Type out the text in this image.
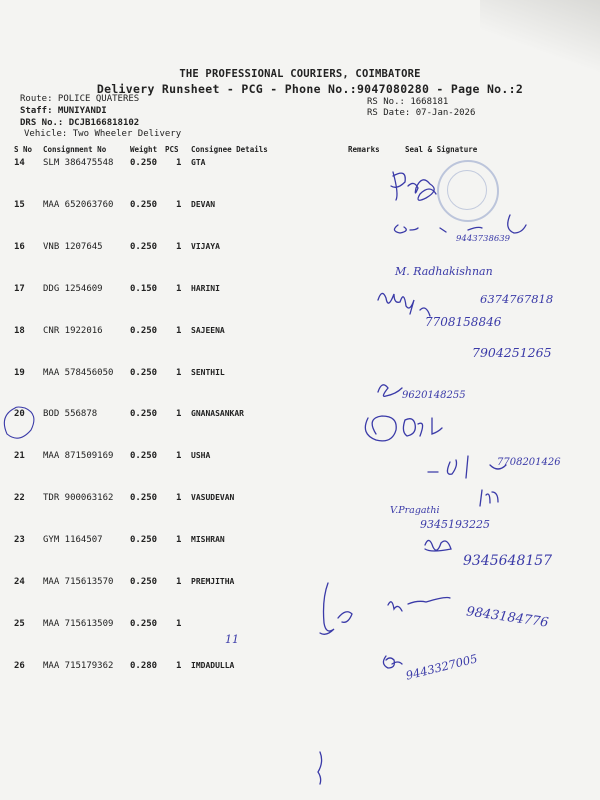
THE PROFESSIONAL COURIERS, COIMBATORE
Delivery Runsheet - PCG - Phone No.:9047080280 - Page No.:2
Route: POLICE QUATERES
Staff: MUNIYANDI
DRS No.: DCJB166818102
Vehicle: Two Wheeler Delivery
RS No.: 1668181
RS Date: 07-Jan-2026
S No Consignment No	Weight PCS Consignee Details	Remarks	Seal & Signature
14 SLM 386475548 0.250 1 GTA
15 MAA 652063760 0.250 1 DEVAN
16 VNB 1207645	0.250 1 VIJAYA
17 DDG 1254609	0.150 1 HARINI
18 CNR 1922016	0.250 1 SAJEENA
19 MAA 578456050 0.250 1 SENTHIL
20 BOD 556878	0.250 1 GNANASANKAR
21 MAA 871509169 0.250 1 USHA
22 TDR 900063162 0.250 1 VASUDEVAN
23 GYM 1164507	0.250 1 MISHRAN
24 MAA 715613570 0.250 1 PREMJITHA
25 MAA 715613509 0.250 1
26 MAA 715179362 0.280 1 IMDADULLA
9443738639
M. Radhakishnan
6374767818
7708158846
7904251265
9620148255
7708201426
V.Pragathi
9345193225
9345648157
9843184776
11
9443327005
